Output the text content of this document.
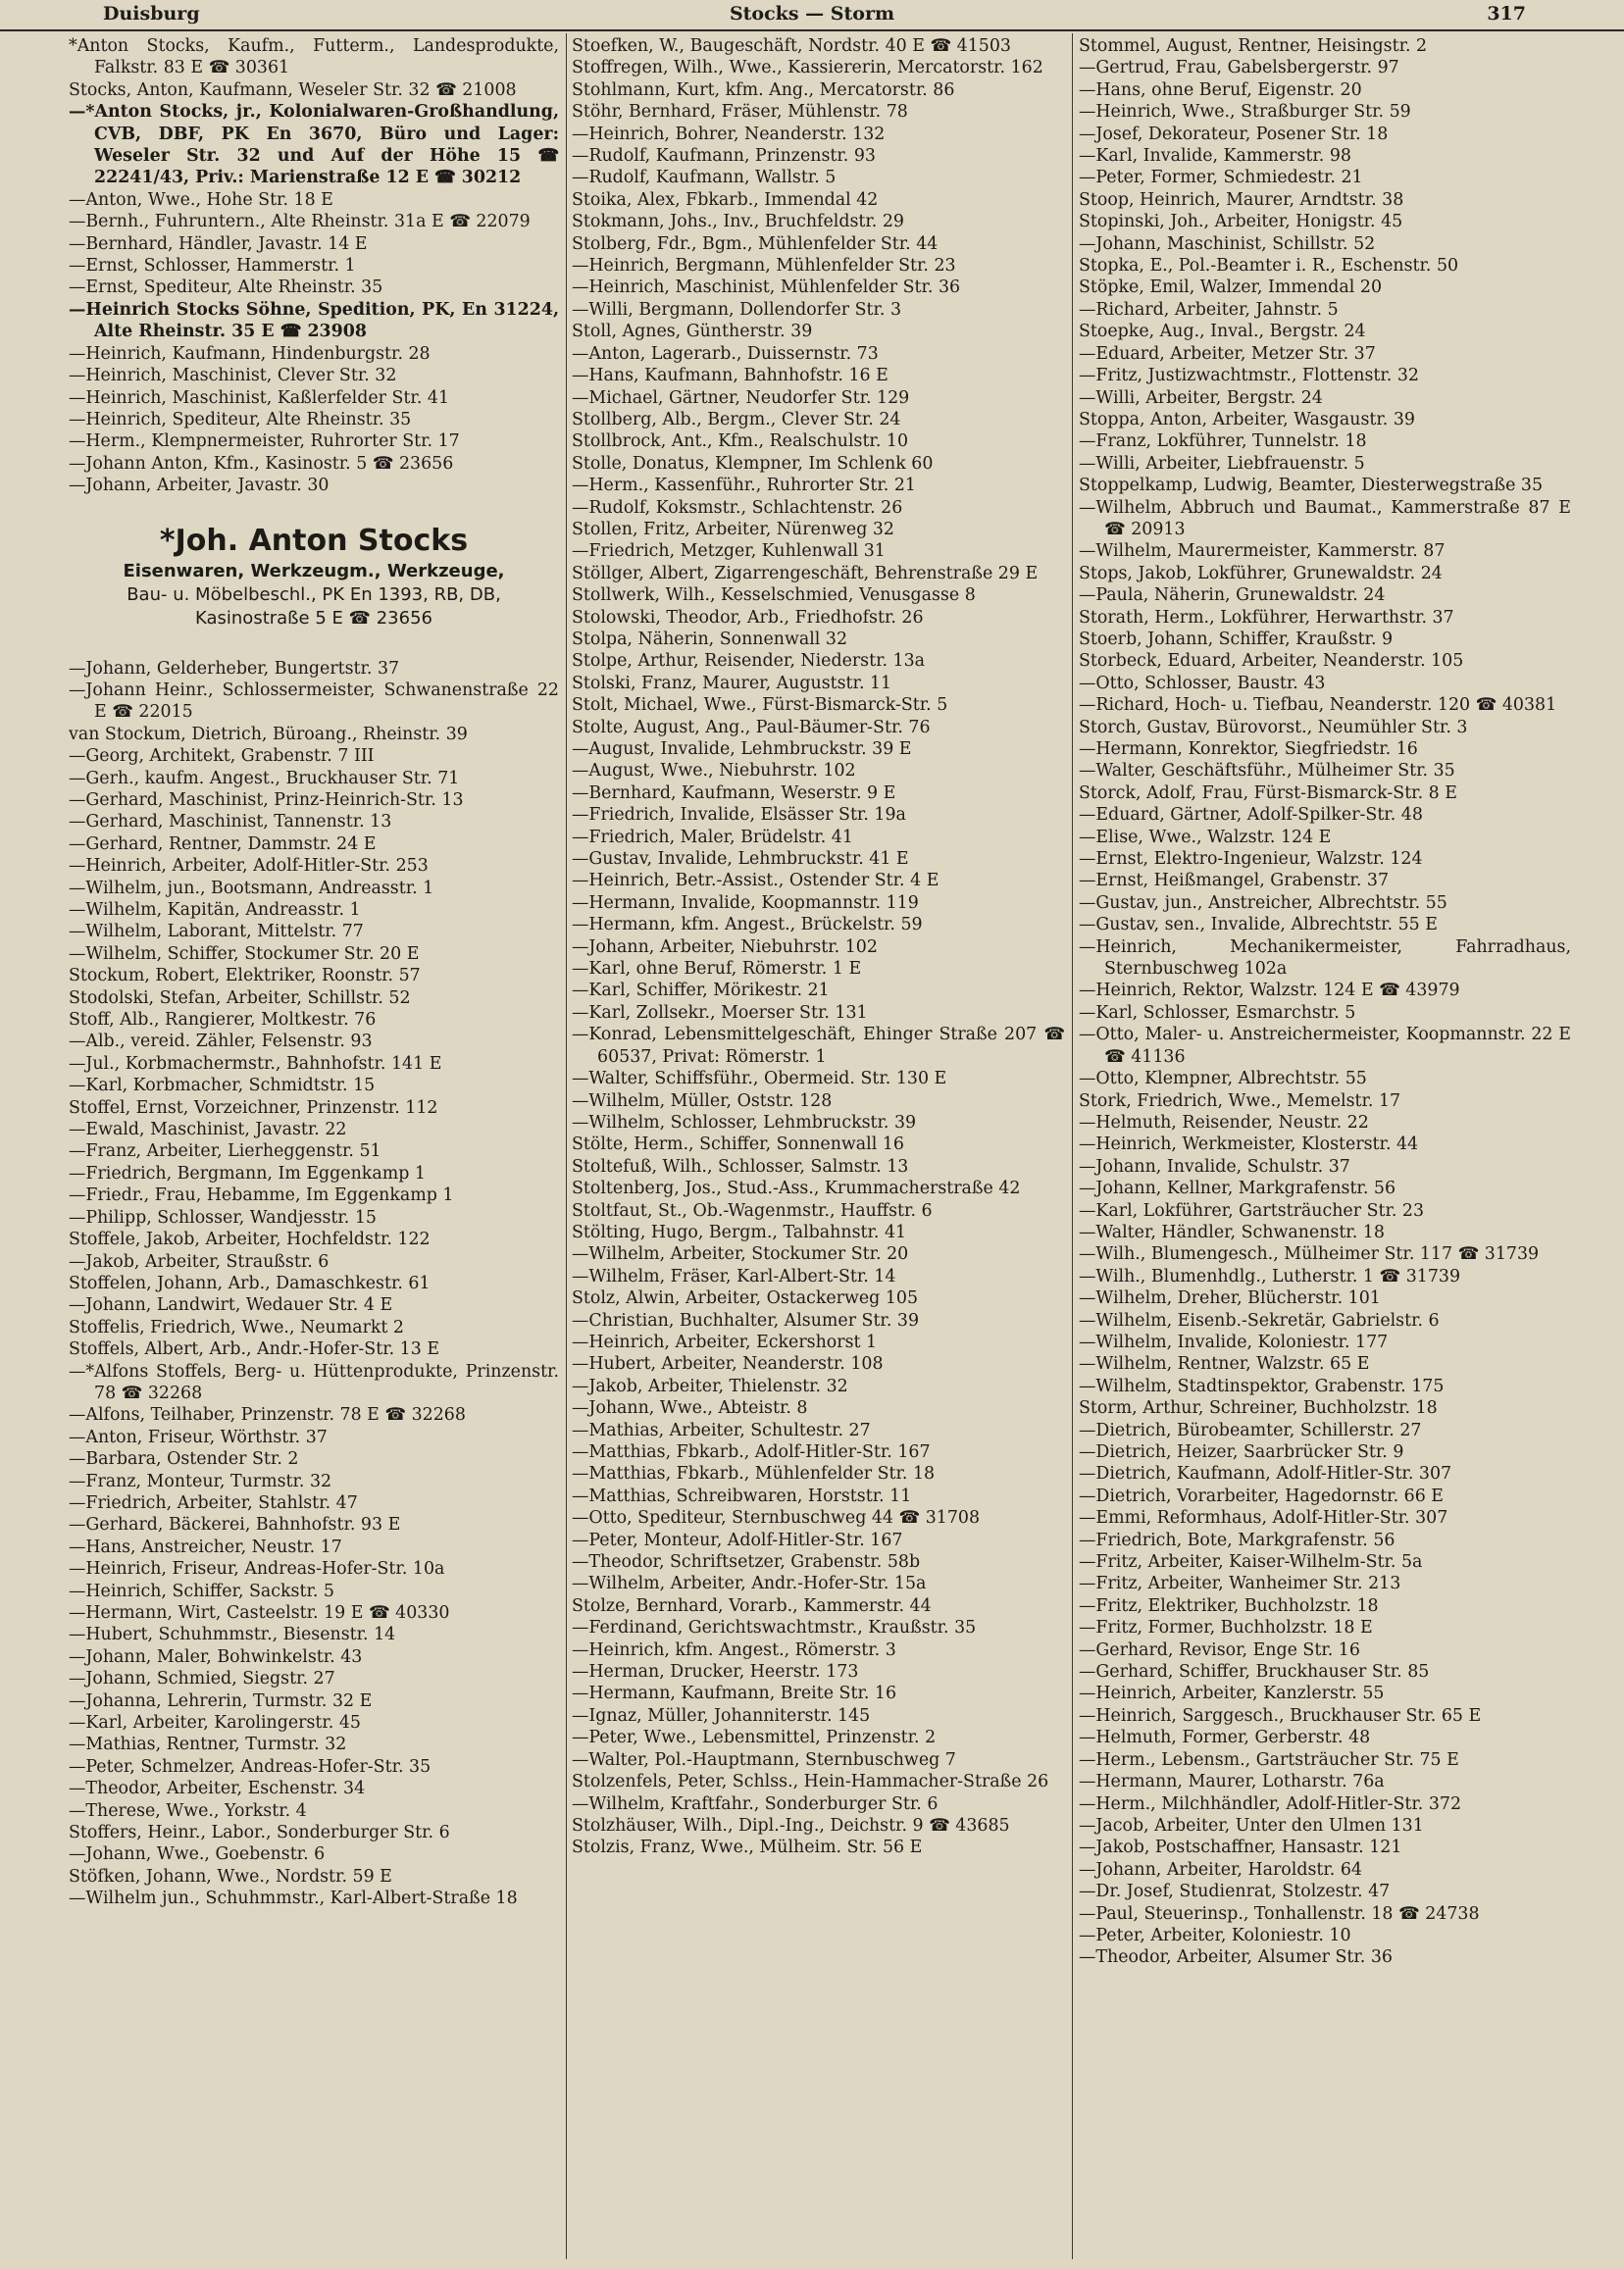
Duisburg	Stocks — Storm	317
*Anton Stocks, Kaufm., Futterm., Landesprodukte, Falkstr. 83 E ☎ 30361
Stocks, Anton, Kaufmann, Weseler Str. 32 ☎ 21008
—*Anton Stocks, jr., Kolonialwaren-Großhandlung, CVB, DBF, PK En 3670, Büro und Lager: Weseler Str. 32 und Auf der Höhe 15 ☎ 22241/43, Priv.: Marienstraße 12 E ☎ 30212
—Anton, Wwe., Hohe Str. 18 E
—Bernh., Fuhruntern., Alte Rheinstr. 31a E ☎ 22079
—Bernhard, Händler, Javastr. 14 E
—Ernst, Schlosser, Hammerstr. 1
—Ernst, Spediteur, Alte Rheinstr. 35
—Heinrich Stocks Söhne, Spedition, PK, En 31224, Alte Rheinstr. 35 E ☎ 23908
—Heinrich, Kaufmann, Hindenburgstr. 28
—Heinrich, Maschinist, Clever Str. 32
—Heinrich, Maschinist, Kaßlerfelder Str. 41
—Heinrich, Spediteur, Alte Rheinstr. 35
—Herm., Klempnermeister, Ruhrorter Str. 17
—Johann Anton, Kfm., Kasinostr. 5 ☎ 23656
—Johann, Arbeiter, Javastr. 30
*Joh. Anton Stocks
Eisenwaren, Werkzeugm., Werkzeuge,
Bau- u. Möbelbeschl., PK En 1393, RB, DB,
Kasinostraße 5 E ☎ 23656
—Johann, Gelderheber, Bungertstr. 37
—Johann Heinr., Schlossermeister, Schwanenstraße 22 E ☎ 22015
van Stockum, Dietrich, Büroang., Rheinstr. 39
—Georg, Architekt, Grabenstr. 7 III
—Gerh., kaufm. Angest., Bruckhauser Str. 71
—Gerhard, Maschinist, Prinz-Heinrich-Str. 13
—Gerhard, Maschinist, Tannenstr. 13
—Gerhard, Rentner, Dammstr. 24 E
—Heinrich, Arbeiter, Adolf-Hitler-Str. 253
—Wilhelm, jun., Bootsmann, Andreasstr. 1
—Wilhelm, Kapitän, Andreasstr. 1
—Wilhelm, Laborant, Mittelstr. 77
—Wilhelm, Schiffer, Stockumer Str. 20 E
Stockum, Robert, Elektriker, Roonstr. 57
Stodolski, Stefan, Arbeiter, Schillstr. 52
Stoff, Alb., Rangierer, Moltkestr. 76
—Alb., vereid. Zähler, Felsenstr. 93
—Jul., Korbmachermstr., Bahnhofstr. 141 E
—Karl, Korbmacher, Schmidtstr. 15
Stoffel, Ernst, Vorzeichner, Prinzenstr. 112
—Ewald, Maschinist, Javastr. 22
—Franz, Arbeiter, Lierheggenstr. 51
—Friedrich, Bergmann, Im Eggenkamp 1
—Friedr., Frau, Hebamme, Im Eggenkamp 1
—Philipp, Schlosser, Wandjesstr. 15
Stoffele, Jakob, Arbeiter, Hochfeldstr. 122
—Jakob, Arbeiter, Straußstr. 6
Stoffelen, Johann, Arb., Damaschkestr. 61
—Johann, Landwirt, Wedauer Str. 4 E
Stoffelis, Friedrich, Wwe., Neumarkt 2
Stoffels, Albert, Arb., Andr.-Hofer-Str. 13 E
—*Alfons Stoffels, Berg- u. Hüttenprodukte, Prinzenstr. 78 ☎ 32268
—Alfons, Teilhaber, Prinzenstr. 78 E ☎ 32268
—Anton, Friseur, Wörthstr. 37
—Barbara, Ostender Str. 2
—Franz, Monteur, Turmstr. 32
—Friedrich, Arbeiter, Stahlstr. 47
—Gerhard, Bäckerei, Bahnhofstr. 93 E
—Hans, Anstreicher, Neustr. 17
—Heinrich, Friseur, Andreas-Hofer-Str. 10a
—Heinrich, Schiffer, Sackstr. 5
—Hermann, Wirt, Casteelstr. 19 E ☎ 40330
—Hubert, Schuhmmstr., Biesenstr. 14
—Johann, Maler, Bohwinkelstr. 43
—Johann, Schmied, Siegstr. 27
—Johanna, Lehrerin, Turmstr. 32 E
—Karl, Arbeiter, Karolingerstr. 45
—Mathias, Rentner, Turmstr. 32
—Peter, Schmelzer, Andreas-Hofer-Str. 35
—Theodor, Arbeiter, Eschenstr. 34
—Therese, Wwe., Yorkstr. 4
Stoffers, Heinr., Labor., Sonderburger Str. 6
—Johann, Wwe., Goebenstr. 6
Stöfken, Johann, Wwe., Nordstr. 59 E
—Wilhelm jun., Schuhmmstr., Karl-Albert-Straße 18
Stoefken, W., Baugeschäft, Nordstr. 40 E ☎ 41503
Stoffregen, Wilh., Wwe., Kassiererin, Mercatorstr. 162
Stohlmann, Kurt, kfm. Ang., Mercatorstr. 86
Stöhr, Bernhard, Fräser, Mühlenstr. 78
—Heinrich, Bohrer, Neanderstr. 132
—Rudolf, Kaufmann, Prinzenstr. 93
—Rudolf, Kaufmann, Wallstr. 5
Stoika, Alex, Fbkarb., Immendal 42
Stokmann, Johs., Inv., Bruchfeldstr. 29
Stolberg, Fdr., Bgm., Mühlenfelder Str. 44
—Heinrich, Bergmann, Mühlenfelder Str. 23
—Heinrich, Maschinist, Mühlenfelder Str. 36
—Willi, Bergmann, Dollendorfer Str. 3
Stoll, Agnes, Güntherstr. 39
—Anton, Lagerarb., Duissernstr. 73
—Hans, Kaufmann, Bahnhofstr. 16 E
—Michael, Gärtner, Neudorfer Str. 129
Stollberg, Alb., Bergm., Clever Str. 24
Stollbrock, Ant., Kfm., Realschulstr. 10
Stolle, Donatus, Klempner, Im Schlenk 60
—Herm., Kassenführ., Ruhrorter Str. 21
—Rudolf, Koksmstr., Schlachtenstr. 26
Stollen, Fritz, Arbeiter, Nürenweg 32
—Friedrich, Metzger, Kuhlenwall 31
Stöllger, Albert, Zigarrengeschäft, Behrenstraße 29 E
Stollwerk, Wilh., Kesselschmied, Venusgasse 8
Stolowski, Theodor, Arb., Friedhofstr. 26
Stolpa, Näherin, Sonnenwall 32
Stolpe, Arthur, Reisender, Niederstr. 13a
Stolski, Franz, Maurer, Auguststr. 11
Stolt, Michael, Wwe., Fürst-Bismarck-Str. 5
Stolte, August, Ang., Paul-Bäumer-Str. 76
—August, Invalide, Lehmbruckstr. 39 E
—August, Wwe., Niebuhrstr. 102
—Bernhard, Kaufmann, Weserstr. 9 E
—Friedrich, Invalide, Elsässer Str. 19a
—Friedrich, Maler, Brüdelstr. 41
—Gustav, Invalide, Lehmbruckstr. 41 E
—Heinrich, Betr.-Assist., Ostender Str. 4 E
—Hermann, Invalide, Koopmannstr. 119
—Hermann, kfm. Angest., Brückelstr. 59
—Johann, Arbeiter, Niebuhrstr. 102
—Karl, ohne Beruf, Römerstr. 1 E
—Karl, Schiffer, Mörikestr. 21
—Karl, Zollsekr., Moerser Str. 131
—Konrad, Lebensmittelgeschäft, Ehinger Straße 207 ☎ 60537, Privat: Römerstr. 1
—Walter, Schiffsführ., Obermeid. Str. 130 E
—Wilhelm, Müller, Oststr. 128
—Wilhelm, Schlosser, Lehmbruckstr. 39
Stölte, Herm., Schiffer, Sonnenwall 16
Stoltefuß, Wilh., Schlosser, Salmstr. 13
Stoltenberg, Jos., Stud.-Ass., Krummacherstraße 42
Stoltfaut, St., Ob.-Wagenmstr., Hauffstr. 6
Stölting, Hugo, Bergm., Talbahnstr. 41
—Wilhelm, Arbeiter, Stockumer Str. 20
—Wilhelm, Fräser, Karl-Albert-Str. 14
Stolz, Alwin, Arbeiter, Ostackerweg 105
—Christian, Buchhalter, Alsumer Str. 39
—Heinrich, Arbeiter, Eckershorst 1
—Hubert, Arbeiter, Neanderstr. 108
—Jakob, Arbeiter, Thielenstr. 32
—Johann, Wwe., Abteistr. 8
—Mathias, Arbeiter, Schultestr. 27
—Matthias, Fbkarb., Adolf-Hitler-Str. 167
—Matthias, Fbkarb., Mühlenfelder Str. 18
—Matthias, Schreibwaren, Horststr. 11
—Otto, Spediteur, Sternbuschweg 44 ☎ 31708
—Peter, Monteur, Adolf-Hitler-Str. 167
—Theodor, Schriftsetzer, Grabenstr. 58b
—Wilhelm, Arbeiter, Andr.-Hofer-Str. 15a
Stolze, Bernhard, Vorarb., Kammerstr. 44
—Ferdinand, Gerichtswachtmstr., Kraußstr. 35
—Heinrich, kfm. Angest., Römerstr. 3
—Herman, Drucker, Heerstr. 173
—Hermann, Kaufmann, Breite Str. 16
—Ignaz, Müller, Johanniterstr. 145
—Peter, Wwe., Lebensmittel, Prinzenstr. 2
—Walter, Pol.-Hauptmann, Sternbuschweg 7
Stolzenfels, Peter, Schlss., Hein-Hammacher-Straße 26
—Wilhelm, Kraftfahr., Sonderburger Str. 6
Stolzhäuser, Wilh., Dipl.-Ing., Deichstr. 9 ☎ 43685
Stolzis, Franz, Wwe., Mülheim. Str. 56 E
Stommel, August, Rentner, Heisingstr. 2
—Gertrud, Frau, Gabelsbergerstr. 97
—Hans, ohne Beruf, Eigenstr. 20
—Heinrich, Wwe., Straßburger Str. 59
—Josef, Dekorateur, Posener Str. 18
—Karl, Invalide, Kammerstr. 98
—Peter, Former, Schmiedestr. 21
Stoop, Heinrich, Maurer, Arndtstr. 38
Stopinski, Joh., Arbeiter, Honigstr. 45
—Johann, Maschinist, Schillstr. 52
Stopka, E., Pol.-Beamter i. R., Eschenstr. 50
Stöpke, Emil, Walzer, Immendal 20
—Richard, Arbeiter, Jahnstr. 5
Stoepke, Aug., Inval., Bergstr. 24
—Eduard, Arbeiter, Metzer Str. 37
—Fritz, Justizwachtmstr., Flottenstr. 32
—Willi, Arbeiter, Bergstr. 24
Stoppa, Anton, Arbeiter, Wasgaustr. 39
—Franz, Lokführer, Tunnelstr. 18
—Willi, Arbeiter, Liebfrauenstr. 5
Stoppelkamp, Ludwig, Beamter, Diesterwegstraße 35
—Wilhelm, Abbruch und Baumat., Kammerstraße 87 E ☎ 20913
—Wilhelm, Maurermeister, Kammerstr. 87
Stops, Jakob, Lokführer, Grunewaldstr. 24
—Paula, Näherin, Grunewaldstr. 24
Storath, Herm., Lokführer, Herwarthstr. 37
Stoerb, Johann, Schiffer, Kraußstr. 9
Storbeck, Eduard, Arbeiter, Neanderstr. 105
—Otto, Schlosser, Baustr. 43
—Richard, Hoch- u. Tiefbau, Neanderstr. 120 ☎ 40381
Storch, Gustav, Bürovorst., Neumühler Str. 3
—Hermann, Konrektor, Siegfriedstr. 16
—Walter, Geschäftsführ., Mülheimer Str. 35
Storck, Adolf, Frau, Fürst-Bismarck-Str. 8 E
—Eduard, Gärtner, Adolf-Spilker-Str. 48
—Elise, Wwe., Walzstr. 124 E
—Ernst, Elektro-Ingenieur, Walzstr. 124
—Ernst, Heißmangel, Grabenstr. 37
—Gustav, jun., Anstreicher, Albrechtstr. 55
—Gustav, sen., Invalide, Albrechtstr. 55 E
—Heinrich, Mechanikermeister, Fahrradhaus, Sternbuschweg 102a
—Heinrich, Rektor, Walzstr. 124 E ☎ 43979
—Karl, Schlosser, Esmarchstr. 5
—Otto, Maler- u. Anstreichermeister, Koopmannstr. 22 E ☎ 41136
—Otto, Klempner, Albrechtstr. 55
Stork, Friedrich, Wwe., Memelstr. 17
—Helmuth, Reisender, Neustr. 22
—Heinrich, Werkmeister, Klosterstr. 44
—Johann, Invalide, Schulstr. 37
—Johann, Kellner, Markgrafenstr. 56
—Karl, Lokführer, Gartsträucher Str. 23
—Walter, Händler, Schwanenstr. 18
—Wilh., Blumengesch., Mülheimer Str. 117 ☎ 31739
—Wilh., Blumenhdlg., Lutherstr. 1 ☎ 31739
—Wilhelm, Dreher, Blücherstr. 101
—Wilhelm, Eisenb.-Sekretär, Gabrielstr. 6
—Wilhelm, Invalide, Koloniestr. 177
—Wilhelm, Rentner, Walzstr. 65 E
—Wilhelm, Stadtinspektor, Grabenstr. 175
Storm, Arthur, Schreiner, Buchholzstr. 18
—Dietrich, Bürobeamter, Schillerstr. 27
—Dietrich, Heizer, Saarbrücker Str. 9
—Dietrich, Kaufmann, Adolf-Hitler-Str. 307
—Dietrich, Vorarbeiter, Hagedornstr. 66 E
—Emmi, Reformhaus, Adolf-Hitler-Str. 307
—Friedrich, Bote, Markgrafenstr. 56
—Fritz, Arbeiter, Kaiser-Wilhelm-Str. 5a
—Fritz, Arbeiter, Wanheimer Str. 213
—Fritz, Elektriker, Buchholzstr. 18
—Fritz, Former, Buchholzstr. 18 E
—Gerhard, Revisor, Enge Str. 16
—Gerhard, Schiffer, Bruckhauser Str. 85
—Heinrich, Arbeiter, Kanzlerstr. 55
—Heinrich, Sarggesch., Bruckhauser Str. 65 E
—Helmuth, Former, Gerberstr. 48
—Herm., Lebensm., Gartsträucher Str. 75 E
—Hermann, Maurer, Lotharstr. 76a
—Herm., Milchhändler, Adolf-Hitler-Str. 372
—Jacob, Arbeiter, Unter den Ulmen 131
—Jakob, Postschaffner, Hansastr. 121
—Johann, Arbeiter, Haroldstr. 64
—Dr. Josef, Studienrat, Stolzestr. 47
—Paul, Steuerinsp., Tonhallenstr. 18 ☎ 24738
—Peter, Arbeiter, Koloniestr. 10
—Theodor, Arbeiter, Alsumer Str. 36
